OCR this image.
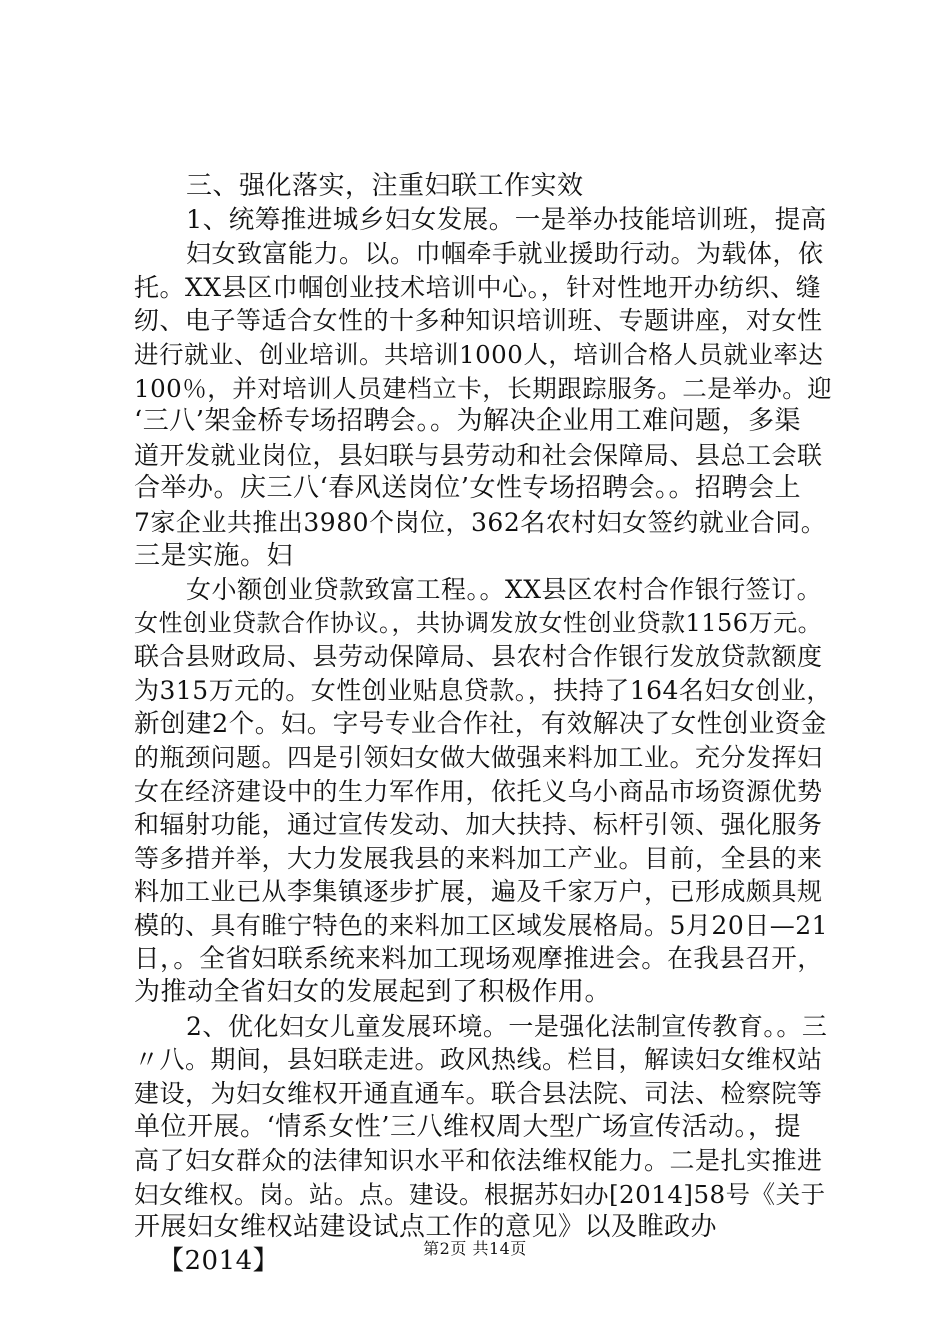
三、强化落实，注重妇联工作实效
1、统筹推进城乡妇女发展。一是举办技能培训班，提高
妇女致富能力。以。巾帼牵手就业援助行动。为载体，依
托。XX县区巾帼创业技术培训中心。，针对性地开办纺织、缝
纫、电子等适合女性的十多种知识培训班、专题讲座，对女性
进行就业、创业培训。共培训1000人，培训合格人员就业率达
100％，并对培训人员建档立卡，长期跟踪服务。二是举办。迎
‘三八’架金桥专场招聘会。。为解决企业用工难问题，多渠
道开发就业岗位，县妇联与县劳动和社会保障局、县总工会联
合举办。庆三八‘春风送岗位’女性专场招聘会。。招聘会上
7家企业共推出3980个岗位，362名农村妇女签约就业合同。
三是实施。妇
女小额创业贷款致富工程。。XX县区农村合作银行签订。
女性创业贷款合作协议。，共协调发放女性创业贷款1156万元。
联合县财政局、县劳动保障局、县农村合作银行发放贷款额度
为315万元的。女性创业贴息贷款。，扶持了164名妇女创业，
新创建2个。妇。字号专业合作社，有效解决了女性创业资金
的瓶颈问题。四是引领妇女做大做强来料加工业。充分发挥妇
女在经济建设中的生力军作用，依托义乌小商品市场资源优势
和辐射功能，通过宣传发动、加大扶持、标杆引领、强化服务
等多措并举，大力发展我县的来料加工产业。目前，全县的来
料加工业已从李集镇逐步扩展，遍及千家万户，已形成颇具规
模的、具有睢宁特色的来料加工区域发展格局。5月20日—21
日，。全省妇联系统来料加工现场观摩推进会。在我县召开，
为推动全省妇女的发展起到了积极作用。
2、优化妇女儿童发展环境。一是强化法制宣传教育。。三
〃八。期间，县妇联走进。政风热线。栏目，解读妇女维权站
建设，为妇女维权开通直通车。联合县法院、司法、检察院等
单位开展。‘情系女性’三八维权周大型广场宣传活动。，提
高了妇女群众的法律知识水平和依法维权能力。二是扎实推进
妇女维权。岗。站。点。建设。根据苏妇办[2014]58号《关于
开展妇女维权站建设试点工作的意见》以及睢政办
【2014】	第2页 共14页
